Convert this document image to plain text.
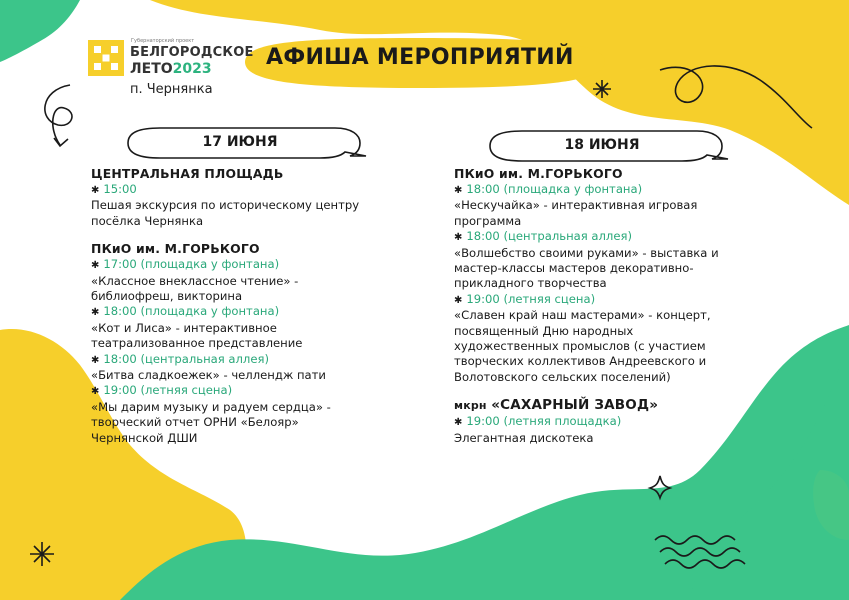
Губернаторский проект
БЕЛГОРОДСКОЕ
ЛЕТО2023
п. Чернянка
АФИША МЕРОПРИЯТИЙ
17 ИЮНЯ	18 ИЮНЯ
ЦЕНТРАЛЬНАЯ ПЛОЩАДЬ
✱ 15:00
Пешая экскурсия по историческому центру
посёлка Чернянка
ПКиО им. М.ГОРЬКОГО
✱ 17:00 (площадка у фонтана)
«Классное внеклассное чтение» -
библиофреш, викторина
✱ 18:00 (площадка у фонтана)
«Кот и Лиса» - интерактивное
театрализованное представление
✱ 18:00 (центральная аллея)
«Битва сладкоежек» - челлендж пати
✱ 19:00 (летняя сцена)
«Мы дарим музыку и радуем сердца» -
творческий отчет ОРНИ «Белояр»
Чернянской ДШИ
ПКиО им. М.ГОРЬКОГО
✱ 18:00 (площадка у фонтана)
«Нескучайка» - интерактивная игровая
программа
✱ 18:00 (центральная аллея)
«Волшебство своими руками» - выставка и
мастер-классы мастеров декоративно-
прикладного творчества
✱ 19:00 (летняя сцена)
«Славен край наш мастерами» - концерт,
посвященный Дню народных
художественных промыслов (с участием
творческих коллективов Андреевского и
Волотовского сельских поселений)
мкрн «САХАРНЫЙ ЗАВОД»
✱ 19:00 (летняя площадка)
Элегантная дискотека
